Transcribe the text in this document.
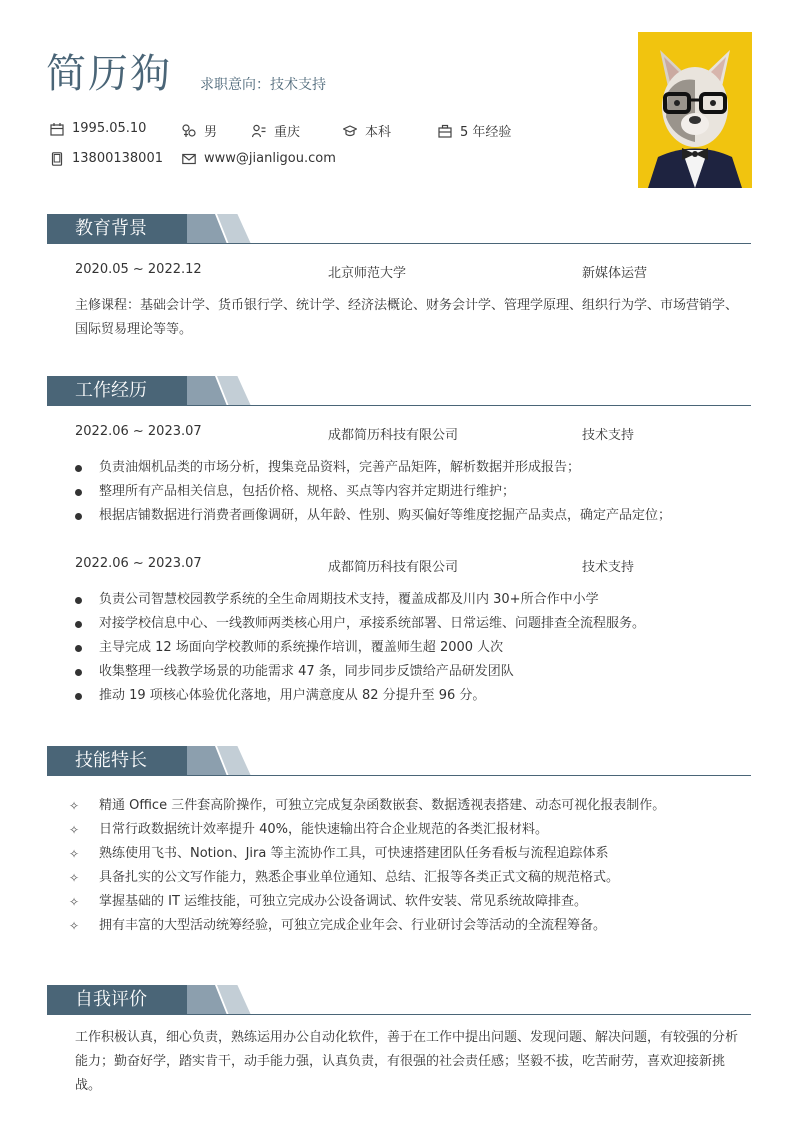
简历狗 求职意向：技术支持
1995.05.10	男	重庆	本科	5 年经验
13800138001	www@jianligou.com
教育背景
2020.05 ~ 2022.12	北京师范大学	新媒体运营
主修课程：基础会计学、货币银行学、统计学、经济法概论、财务会计学、管理学原理、组织行为学、市场营销学、国际贸易理论等等。
工作经历
2022.06 ~ 2023.07	成都简历科技有限公司	技术支持
负责油烟机品类的市场分析，搜集竞品资料，完善产品矩阵，解析数据并形成报告；
整理所有产品相关信息，包括价格、规格、买点等内容并定期进行维护；
根据店铺数据进行消费者画像调研，从年龄、性别、购买偏好等维度挖掘产品卖点，确定产品定位；
2022.06 ~ 2023.07	成都简历科技有限公司	技术支持
负责公司智慧校园教学系统的全生命周期技术支持，覆盖成都及川内 30+所合作中小学
对接学校信息中心、一线教师两类核心用户，承接系统部署、日常运维、问题排查全流程服务。
主导完成 12 场面向学校教师的系统操作培训，覆盖师生超 2000 人次
收集整理一线教学场景的功能需求 47 条，同步同步反馈给产品研发团队
推动 19 项核心体验优化落地，用户满意度从 82 分提升至 96 分。
技能特长
✧ 精通 Office 三件套高阶操作，可独立完成复杂函数嵌套、数据透视表搭建、动态可视化报表制作。
✧ 日常行政数据统计效率提升 40%，能快速输出符合企业规范的各类汇报材料。
✧ 熟练使用飞书、Notion、Jira 等主流协作工具，可快速搭建团队任务看板与流程追踪体系
✧ 具备扎实的公文写作能力，熟悉企事业单位通知、总结、汇报等各类正式文稿的规范格式。
✧ 掌握基础的 IT 运维技能，可独立完成办公设备调试、软件安装、常见系统故障排查。
✧ 拥有丰富的大型活动统筹经验，可独立完成企业年会、行业研讨会等活动的全流程筹备。
自我评价
工作积极认真，细心负责，熟练运用办公自动化软件，善于在工作中提出问题、发现问题、解决问题，有较强的分析能力；勤奋好学，踏实肯干，动手能力强，认真负责，有很强的社会责任感；坚毅不拔，吃苦耐劳，喜欢迎接新挑战。
